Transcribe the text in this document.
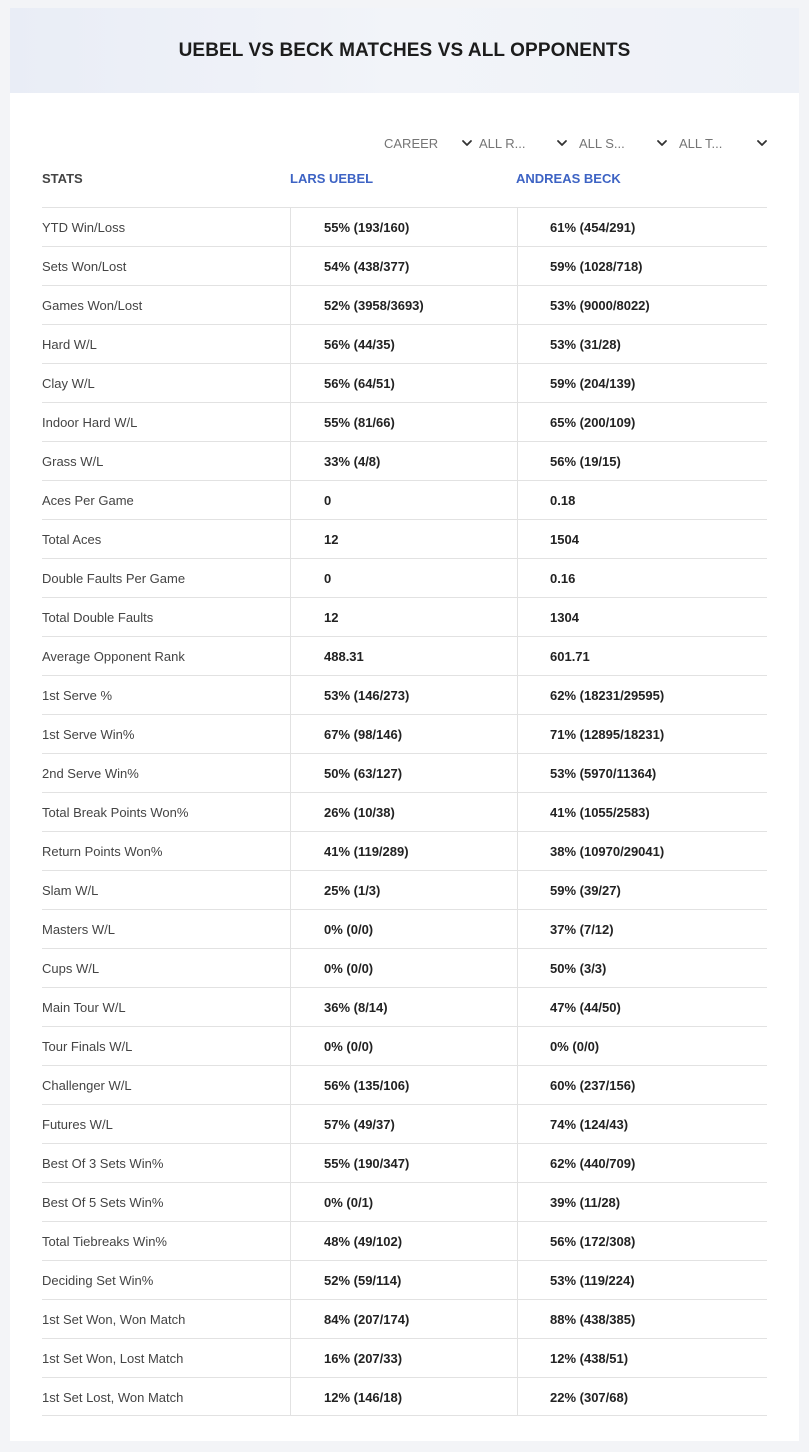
UEBEL VS BECK MATCHES VS ALL OPPONENTS
CAREER	ALL R...	ALL S...	ALL T...
STATS	LARS UEBEL	ANDREAS BECK
YTD Win/Loss	55% (193/160)	61% (454/291)
Sets Won/Lost	54% (438/377)	59% (1028/718)
Games Won/Lost	52% (3958/3693)	53% (9000/8022)
Hard W/L	56% (44/35)	53% (31/28)
Clay W/L	56% (64/51)	59% (204/139)
Indoor Hard W/L	55% (81/66)	65% (200/109)
Grass W/L	33% (4/8)	56% (19/15)
Aces Per Game	0	0.18
Total Aces	12	1504
Double Faults Per Game	0	0.16
Total Double Faults	12	1304
Average Opponent Rank	488.31	601.71
1st Serve %	53% (146/273)	62% (18231/29595)
1st Serve Win%	67% (98/146)	71% (12895/18231)
2nd Serve Win%	50% (63/127)	53% (5970/11364)
Total Break Points Won%	26% (10/38)	41% (1055/2583)
Return Points Won%	41% (119/289)	38% (10970/29041)
Slam W/L	25% (1/3)	59% (39/27)
Masters W/L	0% (0/0)	37% (7/12)
Cups W/L	0% (0/0)	50% (3/3)
Main Tour W/L	36% (8/14)	47% (44/50)
Tour Finals W/L	0% (0/0)	0% (0/0)
Challenger W/L	56% (135/106)	60% (237/156)
Futures W/L	57% (49/37)	74% (124/43)
Best Of 3 Sets Win%	55% (190/347)	62% (440/709)
Best Of 5 Sets Win%	0% (0/1)	39% (11/28)
Total Tiebreaks Win%	48% (49/102)	56% (172/308)
Deciding Set Win%	52% (59/114)	53% (119/224)
1st Set Won, Won Match	84% (207/174)	88% (438/385)
1st Set Won, Lost Match	16% (207/33)	12% (438/51)
1st Set Lost, Won Match	12% (146/18)	22% (307/68)
